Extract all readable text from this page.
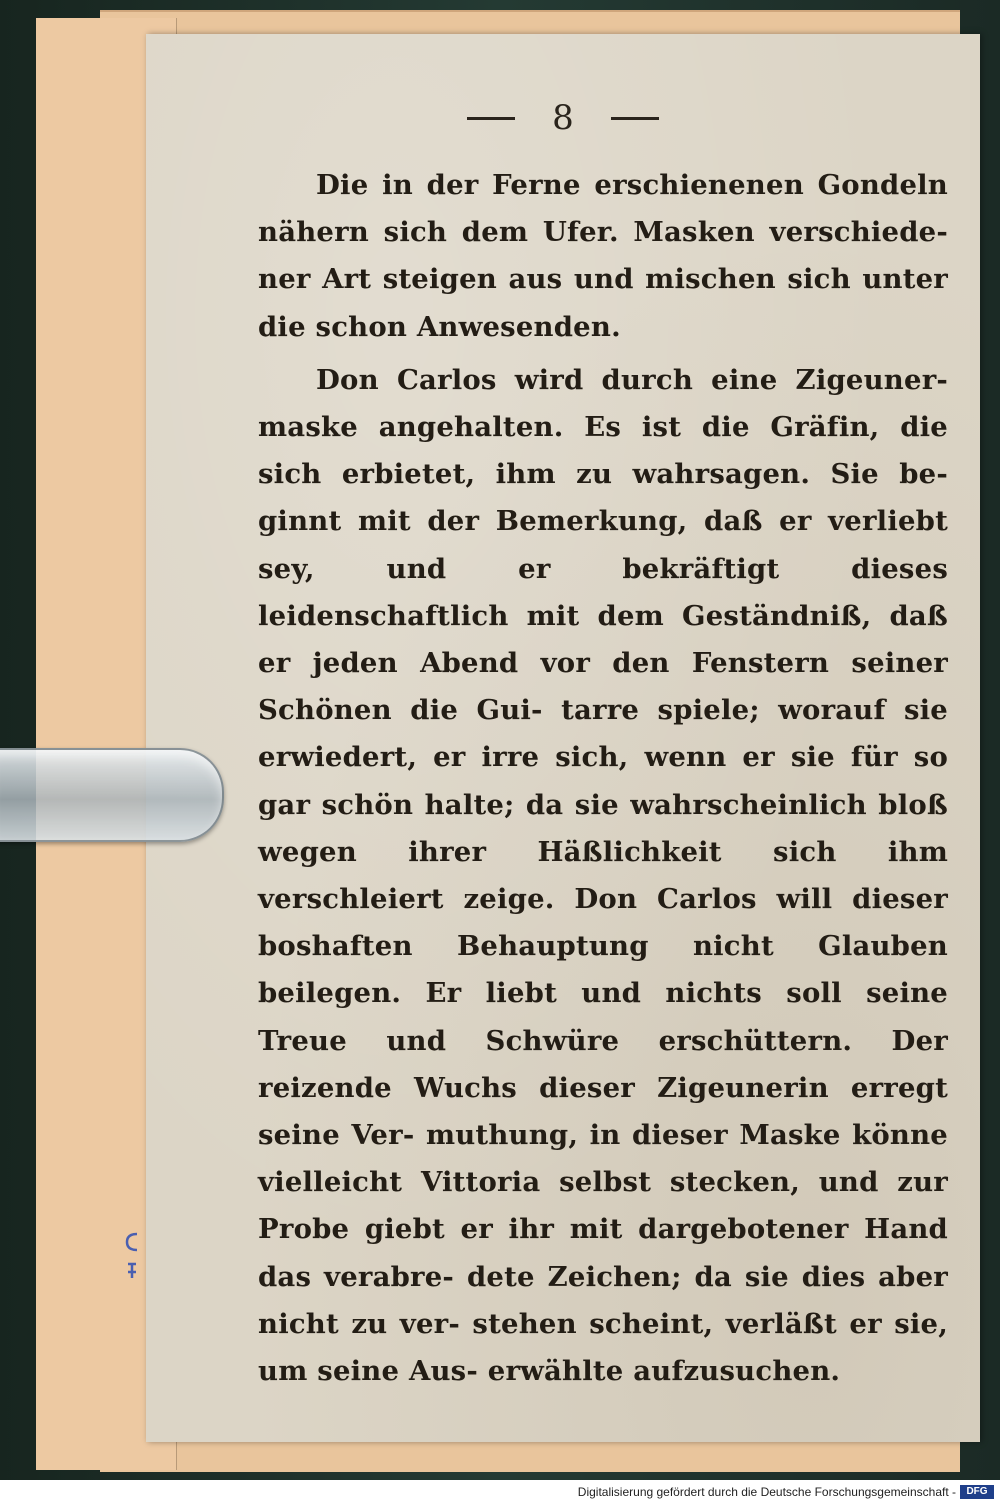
8

Die in der Ferne erschienenen Gondeln nähern sich dem Ufer. Masken verschiede- ner Art steigen aus und mischen sich unter die schon Anwesenden.

Don Carlos wird durch eine Zigeuner- maske angehalten. Es ist die Gräfin, die sich erbietet, ihm zu wahrsagen. Sie be- ginnt mit der Bemerkung, daß er verliebt sey, und er bekräftigt dieses leidenschaftlich mit dem Geständniß, daß er jeden Abend vor den Fenstern seiner Schönen die Gui- tarre spiele; worauf sie erwiedert, er irre sich, wenn er sie für so gar schön halte; da sie wahrscheinlich bloß wegen ihrer Häßlichkeit sich ihm verschleiert zeige. Don Carlos will dieser boshaften Behauptung nicht Glauben beilegen. Er liebt und nichts soll seine Treue und Schwüre erschüttern. Der reizende Wuchs dieser Zigeunerin erregt seine Ver- muthung, in dieser Maske könne vielleicht Vittoria selbst stecken, und zur Probe giebt er ihr mit dargebotener Hand das verabre- dete Zeichen; da sie dies aber nicht zu ver- stehen scheint, verläßt er sie, um seine Aus- erwählte aufzusuchen.

Digitalisierung gefördert durch die Deutsche Forschungsgemeinschaft -	DFG
